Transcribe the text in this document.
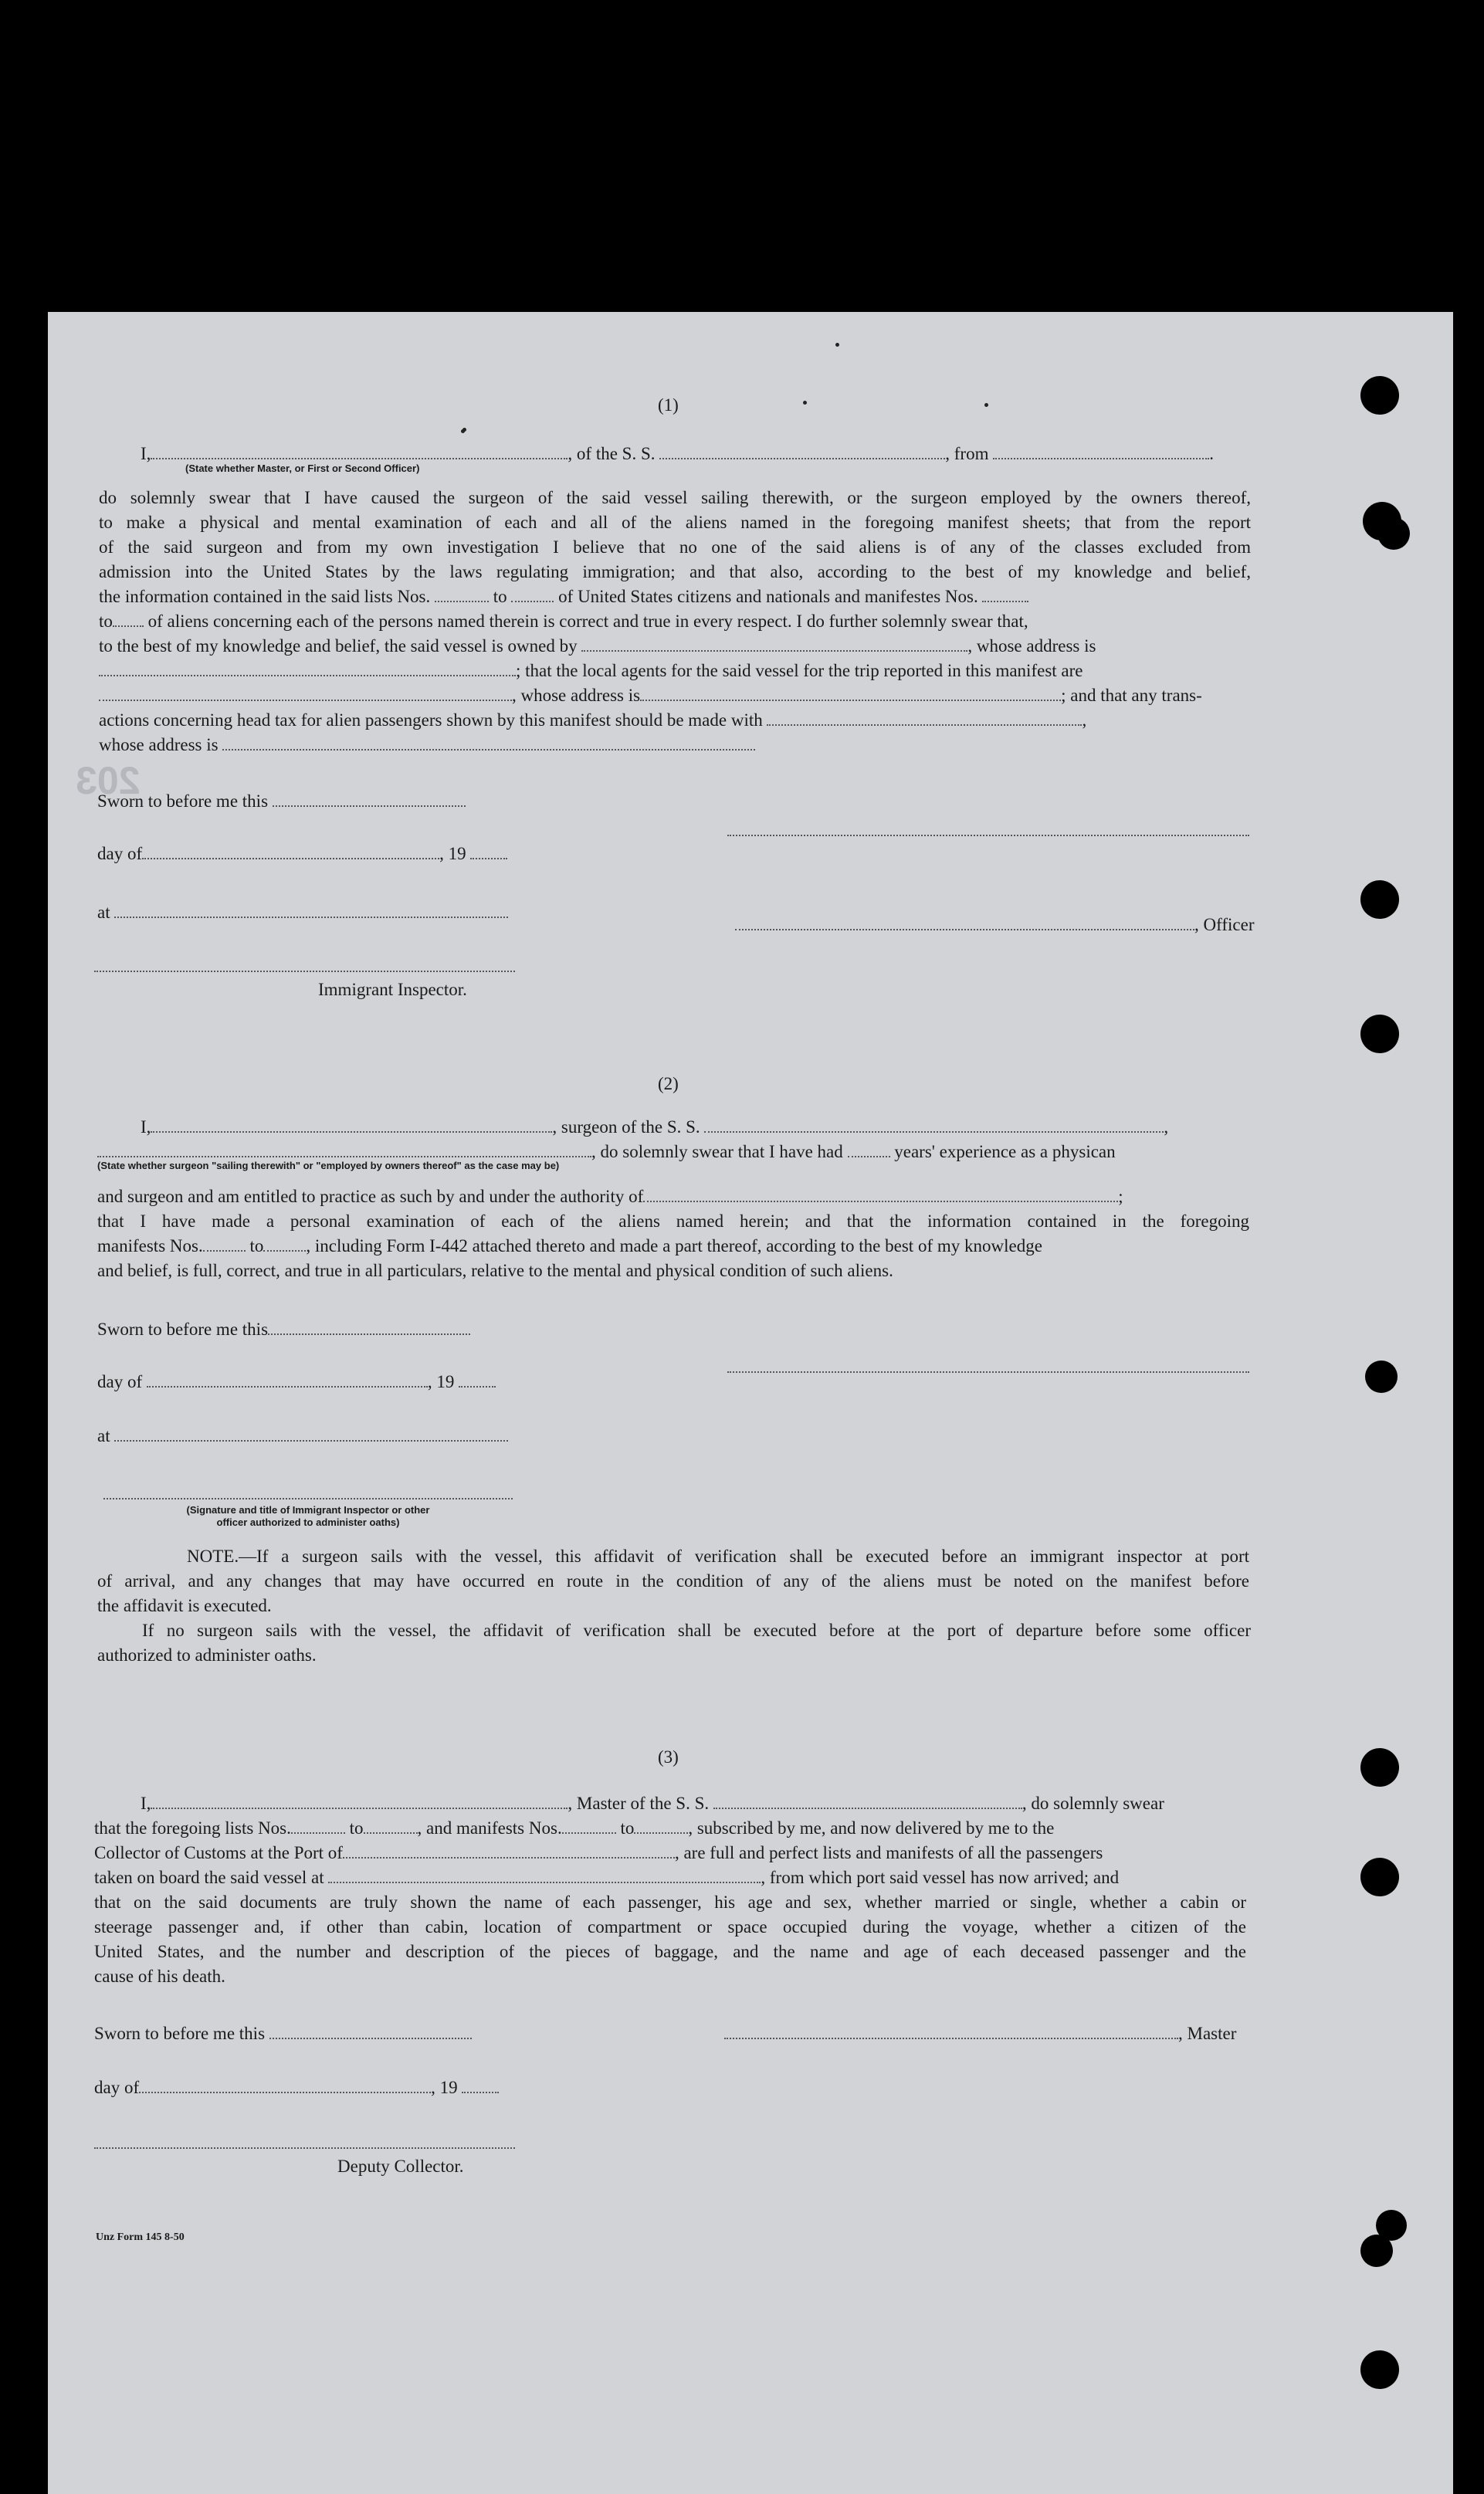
203
(1)
I,	, of the S. S.	, from	.
(State whether Master, or First or Second Officer)
do solemnly swear that I have caused the surgeon of the said vessel sailing therewith, or the surgeon employed by the owners thereof,
to make a physical and mental examination of each and all of the aliens named in the foregoing manifest sheets; that from the report
of the said surgeon and from my own investigation I believe that no one of the said aliens is of any of the classes excluded from
admission into the United States by the laws regulating immigration; and that also, according to the best of my knowledge and belief,
the information contained in the said lists Nos.	to	of United States citizens and nationals and manifestes Nos.
to of aliens concerning each of the persons named therein is correct and true in every respect. I do further solemnly swear that,
to the best of my knowledge and belief, the said vessel is owned by	, whose address is
; that the local agents for the said vessel for the trip reported in this manifest are
, whose address is	; and that any trans-
actions concerning head tax for alien passengers shown by this manifest should be made with	,
whose address is
Sworn to before me this
day of	, 19
at
, Officer
Immigrant Inspector.
(2)
I,	, surgeon of the S. S.	,
, do solemnly swear that I have had	years' experience as a physican
(State whether surgeon "sailing therewith" or "employed by owners thereof" as the case may be)
and surgeon and am entitled to practice as such by and under the authority of	;
that I have made a personal examination of each of the aliens named herein; and that the information contained in the foregoing
manifests Nos.	to , including Form I-442 attached thereto and made a part thereof, according to the best of my knowledge
and belief, is full, correct, and true in all particulars, relative to the mental and physical condition of such aliens.
Sworn to before me this
day of	, 19
at
(Signature and title of Immigrant Inspector or other
officer authorized to administer oaths)
NOTE.—If a surgeon sails with the vessel, this affidavit of verification shall be executed before an immigrant inspector at port
of arrival, and any changes that may have occurred en route in the condition of any of the aliens must be noted on the manifest before
the affidavit is executed.
If no surgeon sails with the vessel, the affidavit of verification shall be executed before at the port of departure before some officer
authorized to administer oaths.
(3)
I,	, Master of the S. S.	, do solemnly swear
that the foregoing lists Nos.	to	, and manifests Nos.	to	, subscribed by me, and now delivered by me to the
Collector of Customs at the Port of	, are full and perfect lists and manifests of all the passengers
taken on board the said vessel at	, from which port said vessel has now arrived; and
that on the said documents are truly shown the name of each passenger, his age and sex, whether married or single, whether a cabin or
steerage passenger and, if other than cabin, location of compartment or space occupied during the voyage, whether a citizen of the
United States, and the number and description of the pieces of baggage, and the name and age of each deceased passenger and the
cause of his death.
Sworn to before me this	, Master
day of	, 19
Deputy Collector.
Unz Form 145 8-50
